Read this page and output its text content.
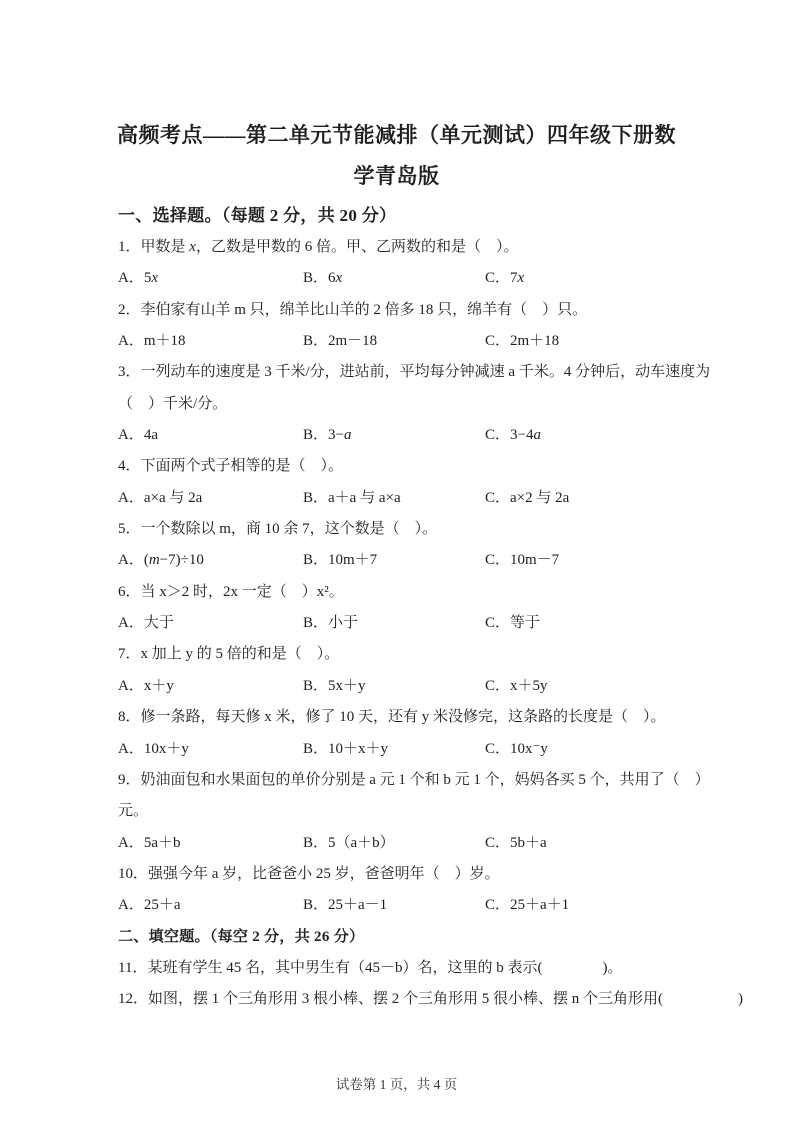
高频考点——第二单元节能减排（单元测试）四年级下册数
学青岛版
一、选择题。（每题 2 分，共 20 分）
1．甲数是 x，乙数是甲数的 6 倍。甲、乙两数的和是（　）。
A．5x	B．6x	C．7x
2．李伯家有山羊 m 只，绵羊比山羊的 2 倍多 18 只，绵羊有（　）只。
A．m＋18	B．2m－18	C．2m＋18
3．一列动车的速度是 3 千米/分，进站前，平均每分钟减速 a 千米。4 分钟后，动车速度为
（　）千米/分。
A．4a	B．3−a	C．3−4a
4．下面两个式子相等的是（　）。
A．a×a 与 2a	B．a＋a 与 a×a	C．a×2 与 2a
5．一个数除以 m，商 10 余 7，这个数是（　）。
A．(m−7)÷10	B．10m＋7	C．10m－7
6．当 x＞2 时，2x 一定（　）x²。
A．大于	B．小于	C．等于
7．x 加上 y 的 5 倍的和是（　）。
A．x＋y	B．5x＋y	C．x＋5y
8．修一条路，每天修 x 米，修了 10 天，还有 y 米没修完，这条路的长度是（　）。
A．10x＋y	B．10＋x＋y	C．10x⁻y
9．奶油面包和水果面包的单价分别是 a 元 1 个和 b 元 1 个，妈妈各买 5 个，共用了（　）
元。
A．5a＋b	B．5（a＋b）	C．5b＋a
10．强强今年 a 岁，比爸爸小 25 岁，爸爸明年（　）岁。
A．25＋a	B．25＋a－1	C．25＋a＋1
二、填空题。（每空 2 分，共 26 分）
11．某班有学生 45 名，其中男生有（45－b）名，这里的 b 表示(　　　　)。
12．如图，摆 1 个三角形用 3 根小棒、摆 2 个三角形用 5 很小棒、摆 n 个三角形用(　　　　　)
试卷第 1 页，共 4 页
